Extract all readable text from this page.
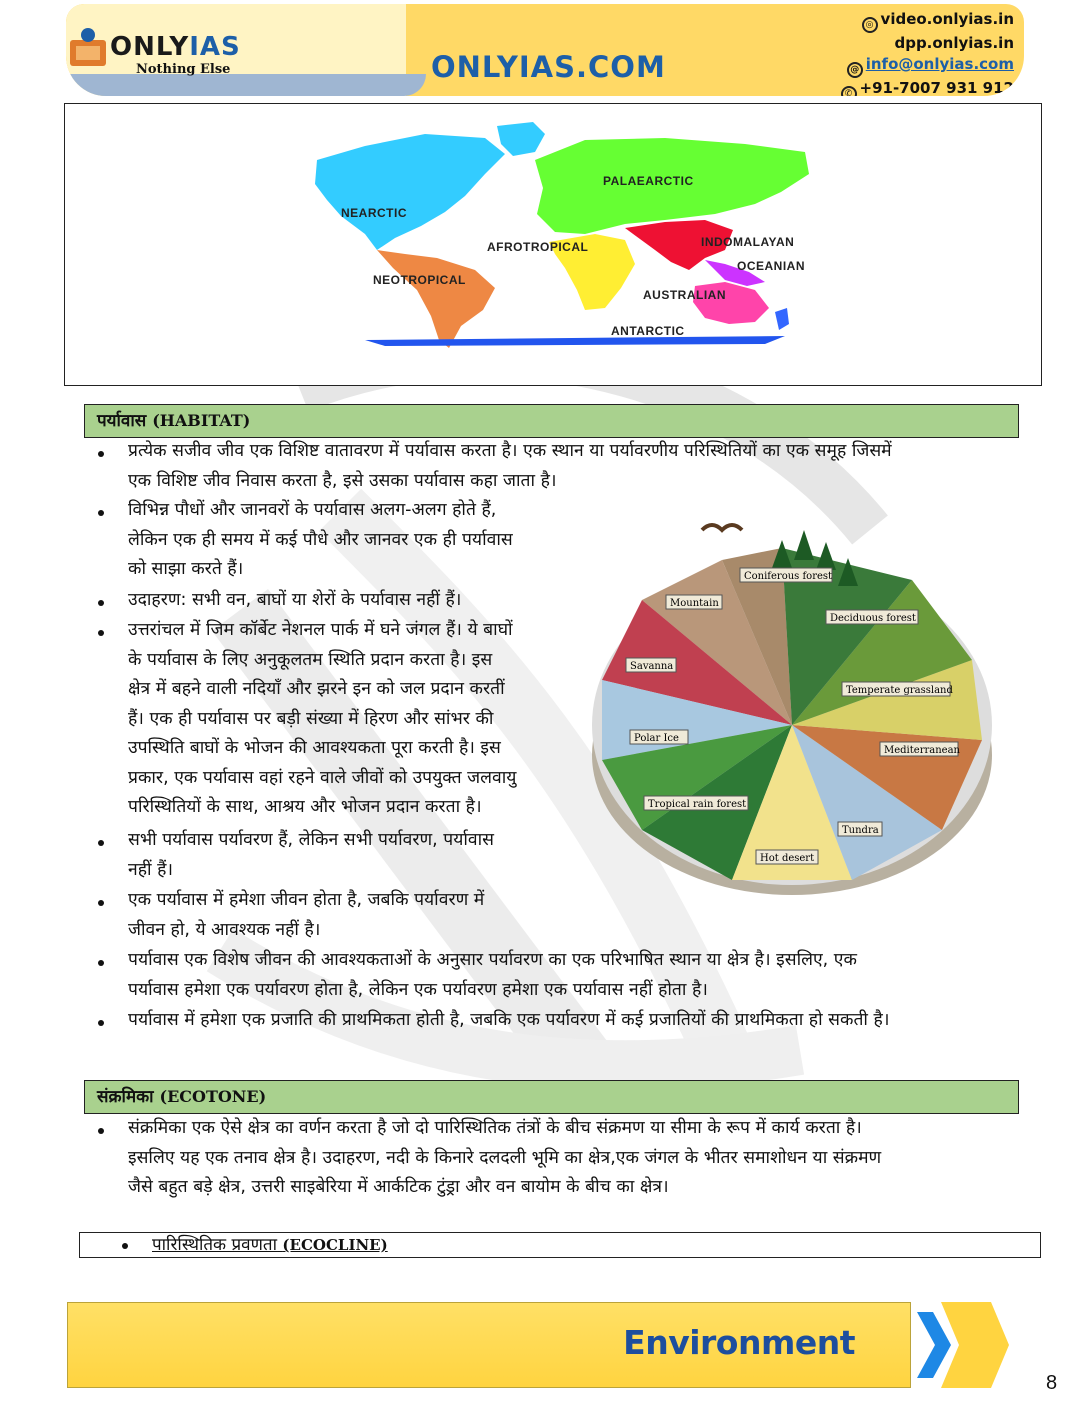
ONLYIAS
Nothing Else	ONLYIAS.COM
◎ video.onlyias.in
dpp.onlyias.in
@ info@onlyias.com
✆ +91-7007 931 912
NEARCTIC
PALAEARCTIC
AFROTROPICAL	INDOMALAYAN
OCEANIAN
NEOTROPICAL
AUSTRALIAN
ANTARCTIC
पर्यावास (HABITAT)
प्रत्येक सजीव जीव एक विशिष्ट वातावरण में पर्यावास करता है। एक स्थान या पर्यावरणीय परिस्थितियों का एक समूह जिसमें
एक विशिष्ट जीव निवास करता है, इसे उसका पर्यावास कहा जाता है।
विभिन्न पौधों और जानवरों के पर्यावास अलग-अलग होते हैं,
लेकिन एक ही समय में कई पौधे और जानवर एक ही पर्यावास
को साझा करते हैं।
उदाहरण: सभी वन, बाघों या शेरों के पर्यावास नहीं हैं।
उत्तरांचल में जिम कॉर्बेट नेशनल पार्क में घने जंगल हैं। ये बाघों
के पर्यावास के लिए अनुकूलतम स्थिति प्रदान करता है। इस
क्षेत्र में बहने वाली नदियाँ और झरने इन को जल प्रदान करतीं
हैं। एक ही पर्यावास पर बड़ी संख्या में हिरण और सांभर की
उपस्थिति बाघों के भोजन की आवश्यकता पूरा करती है। इस
प्रकार, एक पर्यावास वहां रहने वाले जीवों को उपयुक्त जलवायु
परिस्थितियों के साथ, आश्रय और भोजन प्रदान करता है।
सभी पर्यावास पर्यावरण हैं, लेकिन सभी पर्यावरण, पर्यावास
नहीं हैं।
एक पर्यावास में हमेशा जीवन होता है, जबकि पर्यावरण में
जीवन हो, ये आवश्यक नहीं है।
पर्यावास एक विशेष जीवन की आवश्यकताओं के अनुसार पर्यावरण का एक परिभाषित स्थान या क्षेत्र है। इसलिए, एक
पर्यावास हमेशा एक पर्यावरण होता है, लेकिन एक पर्यावरण हमेशा एक पर्यावास नहीं होता है।
पर्यावास में हमेशा एक प्रजाति की प्राथमिकता होती है, जबकि एक पर्यावरण में कई प्रजातियों की प्राथमिकता हो सकती है।
Coniferous forest
Deciduous forest
Temperate grassland
Mediterranean
Tundra
Hot desert
Tropical rain forest
Polar Ice
Savanna
Mountain
संक्रमिका (ECOTONE)
संक्रमिका एक ऐसे क्षेत्र का वर्णन करता है जो दो पारिस्थितिक तंत्रों के बीच संक्रमण या सीमा के रूप में कार्य करता है।
इसलिए यह एक तनाव क्षेत्र है। उदाहरण, नदी के किनारे दलदली भूमि का क्षेत्र,एक जंगल के भीतर समाशोधन या संक्रमण
जैसे बहुत बड़े क्षेत्र, उत्तरी साइबेरिया में आर्कटिक टुंड्रा और वन बायोम के बीच का क्षेत्र।
पारिस्थितिक प्रवणता (ECOCLINE)
Environment
8
